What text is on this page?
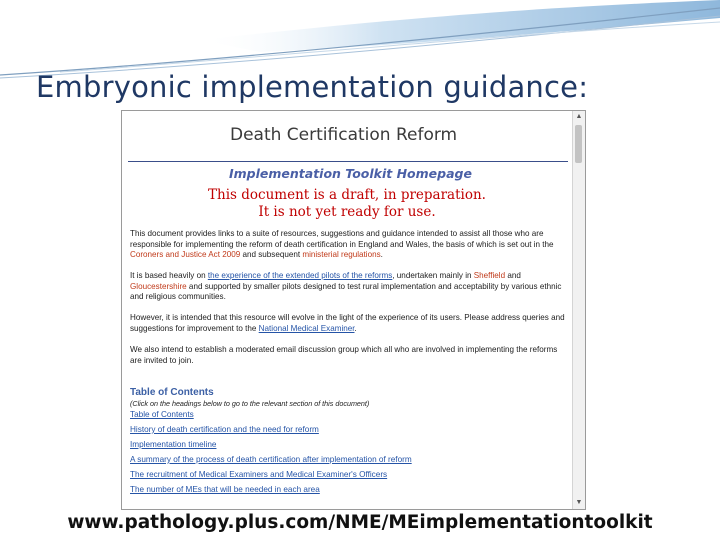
Embryonic implementation guidance:
Death Certification Reform
Implementation Toolkit Homepage
This document is a draft, in preparation.
It is not yet ready for use.
This document provides links to a suite of resources, suggestions and guidance intended to assist all those who are responsible for implementing the reform of death certification in England and Wales, the basis of which is set out in the Coroners and Justice Act 2009 and subsequent ministerial regulations.
It is based heavily on the experience of the extended pilots of the reforms, undertaken mainly in Sheffield and Gloucestershire and supported by smaller pilots designed to test rural implementation and acceptability by various ethnic and religious communities.
However, it is intended that this resource will evolve in the light of the experience of its users. Please address queries and suggestions for improvement to the National Medical Examiner.
We also intend to establish a moderated email discussion group which all who are involved in implementing the reforms are invited to join.
Table of Contents
(Click on the headings below to go to the relevant section of this document)
Table of Contents
History of death certification and the need for reform
Implementation timeline
A summary of the process of death certification after implementation of reform
The recruitment of Medical Examiners and Medical Examiner's Officers
The number of MEs that will be needed in each area
▲
▼
www.pathology.plus.com/NME/MEimplementationtoolkit
